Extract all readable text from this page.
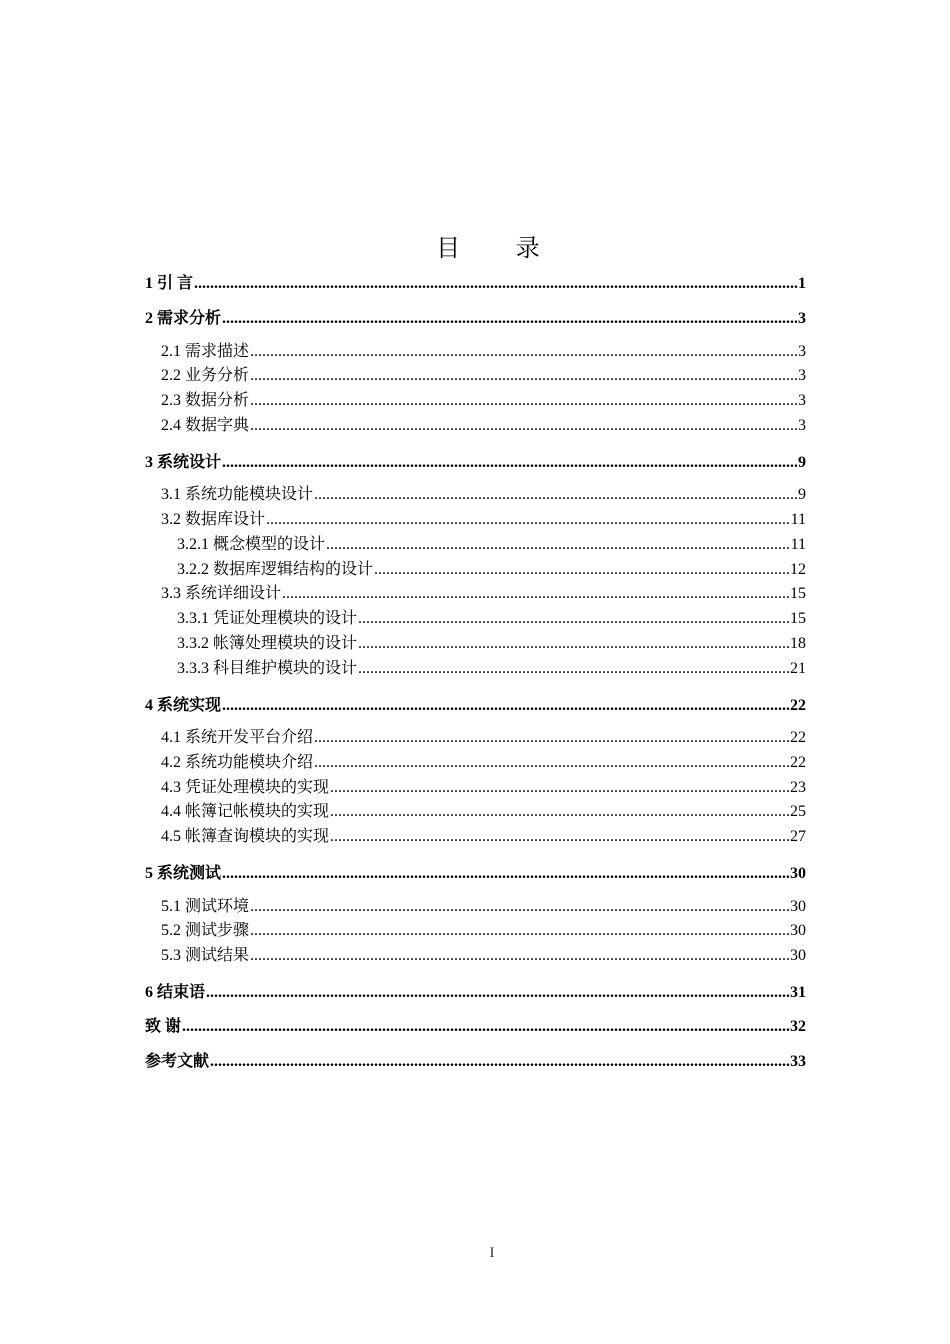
目 录
1 引 言 .....	1
2 需求分析 .....	3
2.1 需求描述 .....	3
2.2 业务分析 .....	3
2.3 数据分析 .....	3
2.4 数据字典 .....	3
3 系统设计 .....	9
3.1 系统功能模块设计 .....	9
3.2 数据库设计 .....	11
3.2.1 概念模型的设计 .....	11
3.2.2 数据库逻辑结构的设计 .....	12
3.3 系统详细设计 .....	15
3.3.1 凭证处理模块的设计 .....	15
3.3.2 帐簿处理模块的设计 .....	18
3.3.3 科目维护模块的设计 .....	21
4 系统实现 .....	22
4.1 系统开发平台介绍 .....	22
4.2 系统功能模块介绍 .....	22
4.3 凭证处理模块的实现 .....	23
4.4 帐簿记帐模块的实现 .....	25
4.5 帐簿查询模块的实现 .....	27
5 系统测试 .....	30
5.1 测试环境 .....	30
5.2 测试步骤 .....	30
5.3 测试结果 .....	30
6 结束语 .....	31
致 谢 .....	32
参考文献 .....	33
I
